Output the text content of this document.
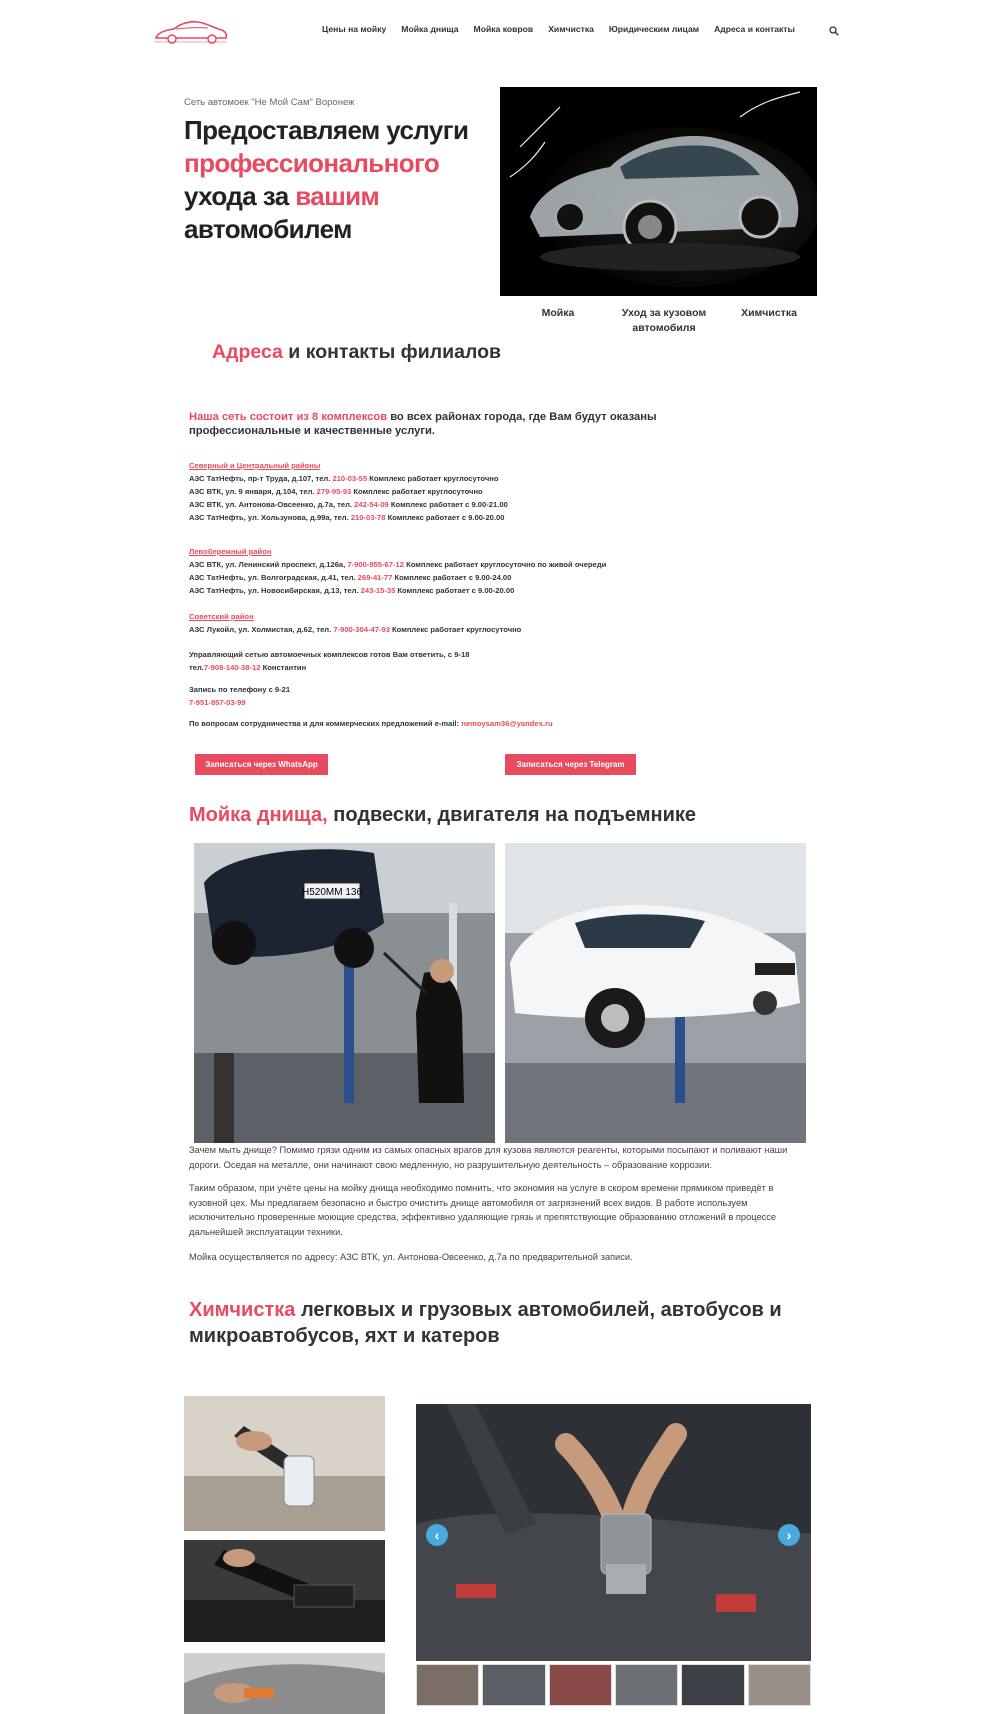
Цены на мойку Мойка днища Мойка ковров Химчистка Юридическим лицам Адреса и контакты
Сеть автомоек "Не Мой Сам" Воронеж
Предоставляем услуги
профессионального
ухода за вашим
автомобилем
Мойка	Уход за кузовом автомобиля
Химчистка
Адреса и контакты филиалов

Наша сеть состоит из 8 комплексов во всех районах города, где Вам будут оказаны профессиональные и качественные услуги.

Северный и Центральный районы
АЗС ТатНефть, пр-т Труда, д.107, тел. 210-03-55 Комплекс работает круглосуточно
АЗС ВТК, ул. 9 января, д.104, тел. 279-95-93 Комплекс работает круглосуточно
АЗС ВТК, ул. Антонова-Овсеенко, д.7а, тел. 242-54-09 Комплекс работает с 9.00-21.00
АЗС ТатНефть, ул. Хользунова, д.99а, тел. 210-03-78 Комплекс работает с 9.00-20.00
Левобережный район
АЗС ВТК, ул. Ленинский проспект, д.126а, 7-900-955-67-12 Комплекс работает круглосуточно по живой очереди
АЗС ТатНефть, ул. Волгоградская, д.41, тел. 269-41-77 Комплекс работает с 9.00-24.00
АЗС ТатНефть, ул. Новосибирская, д.13, тел. 243-15-35 Комплекс работает с 9.00-20.00
Советский район
АЗС Лукойл, ул. Холмистая, д.62, тел. 7-900-304-47-93 Комплекс работает круглосуточно
Управляющий сетью автомоечных комплексов готов Вам ответить, с 9-18
тел.7-908-140-38-12 Константин
Запись по телефону с 9-21
7-951-857-03-99
По вопросам сотрудничества и для коммерческих предложений e-mail: nemoysam36@yandex.ru
Записаться через WhatsApp	Записаться через Telegram
Мойка днища, подвески, двигателя на подъемнике
Н520ММ 136

Зачем мыть днище? Помимо грязи одним из самых опасных врагов для кузова являются реагенты, которыми посыпают и поливают наши дороги. Оседая на металле, они начинают свою медленную, но разрушительную деятельность – образование коррозии.

Таким образом, при учёте цены на мойку днища необходимо помнить, что экономия на услуге в скором времени прямиком приведёт в кузовной цех. Мы предлагаем безопасно и быстро очистить днище автомобиля от загрязнений всех видов. В работе используем исключительно проверенные моющие средства, эффективно удаляющие грязь и препятствующие образованию отложений в процессе дальнейшей эксплуатации техники.

Мойка осуществляется по адресу: АЗС ВТК, ул. Антонова-Овсеенко, д.7а по предварительной записи.

Химчистка легковых и грузовых автомобилей, автобусов и микроавтобусов, яхт и катеров
‹	›
